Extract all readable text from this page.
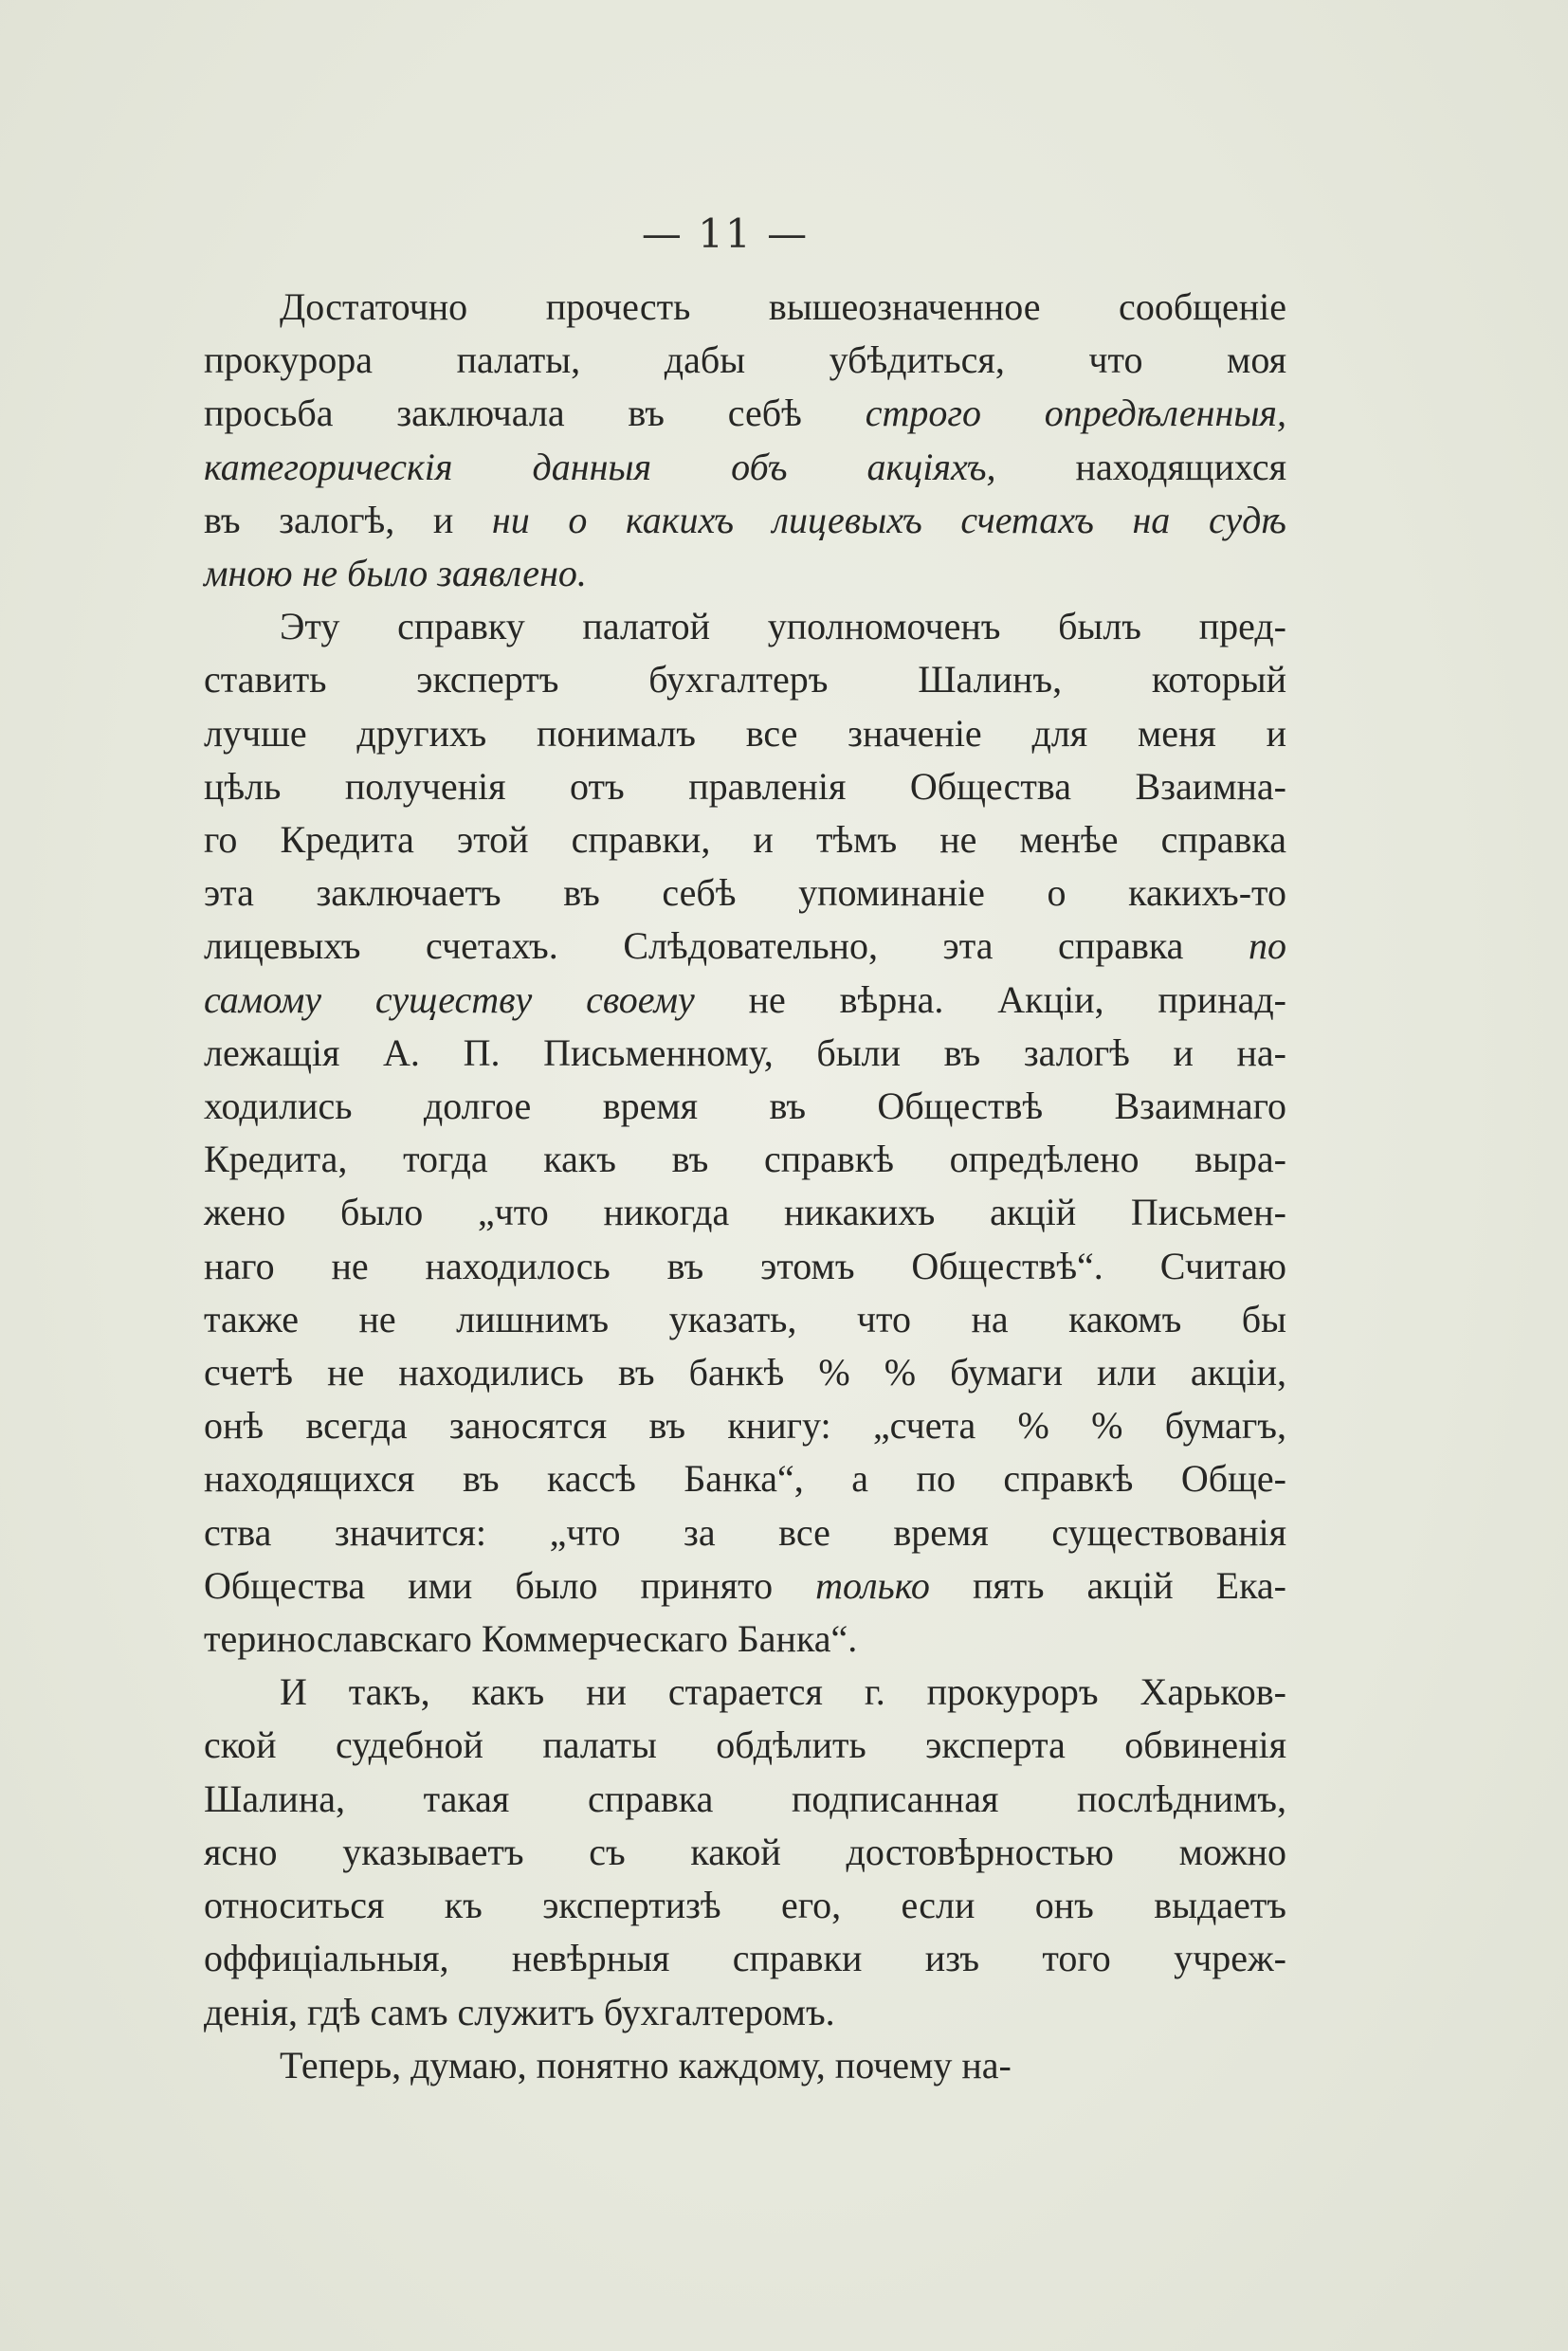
— 11 —
Достаточно прочесть вышеозначенное сообщенiе
прокурора палаты, дабы убѣдиться, что моя
просьба заключала въ себѣ строго опредѣленныя,
категорическiя данныя объ акцiяхъ, находящихся
въ залогѣ, и ни о какихъ лицевыхъ счетахъ на судѣ
мною не было заявлено.
Эту справку палатой уполномоченъ былъ пред-
ставить экспертъ бухгалтеръ Шалинъ, который
лучше другихъ понималъ все значенiе для меня и
цѣль полученiя отъ правленiя Общества Взаимна-
го Кредита этой справки, и тѣмъ не менѣе справка
эта заключаетъ въ себѣ упоминанiе о какихъ-то
лицевыхъ счетахъ. Слѣдовательно, эта справка по
самому существу своему не вѣрна. Акцiи, принад-
лежащiя А. П. Письменному, были въ залогѣ и на-
ходились долгое время въ Обществѣ Взаимнаго
Кредита, тогда какъ въ справкѣ опредѣлено выра-
жено было „что никогда никакихъ акцiй Письмен-
наго не находилось въ этомъ Обществѣ“. Считаю
также не лишнимъ указать, что на какомъ бы
счетѣ не находились въ банкѣ % % бумаги или акцiи,
онѣ всегда заносятся въ книгу: „счета % % бумагъ,
находящихся въ кассѣ Банка“, а по справкѣ Обще-
ства значится: „что за все время существованiя
Общества ими было принято только пять акцiй Ека-
теринославскаго Коммерческаго Банка“.
И такъ, какъ ни старается г. прокуроръ Харьков-
ской судебной палаты обдѣлить эксперта обвиненiя
Шалина, такая справка подписанная послѣднимъ,
ясно указываетъ съ какой достовѣрностью можно
относиться къ экспертизѣ его, если онъ выдаетъ
оффицiальныя, невѣрныя справки изъ того учреж-
денiя, гдѣ самъ служитъ бухгалтеромъ.
Теперь, думаю, понятно каждому, почему на-
